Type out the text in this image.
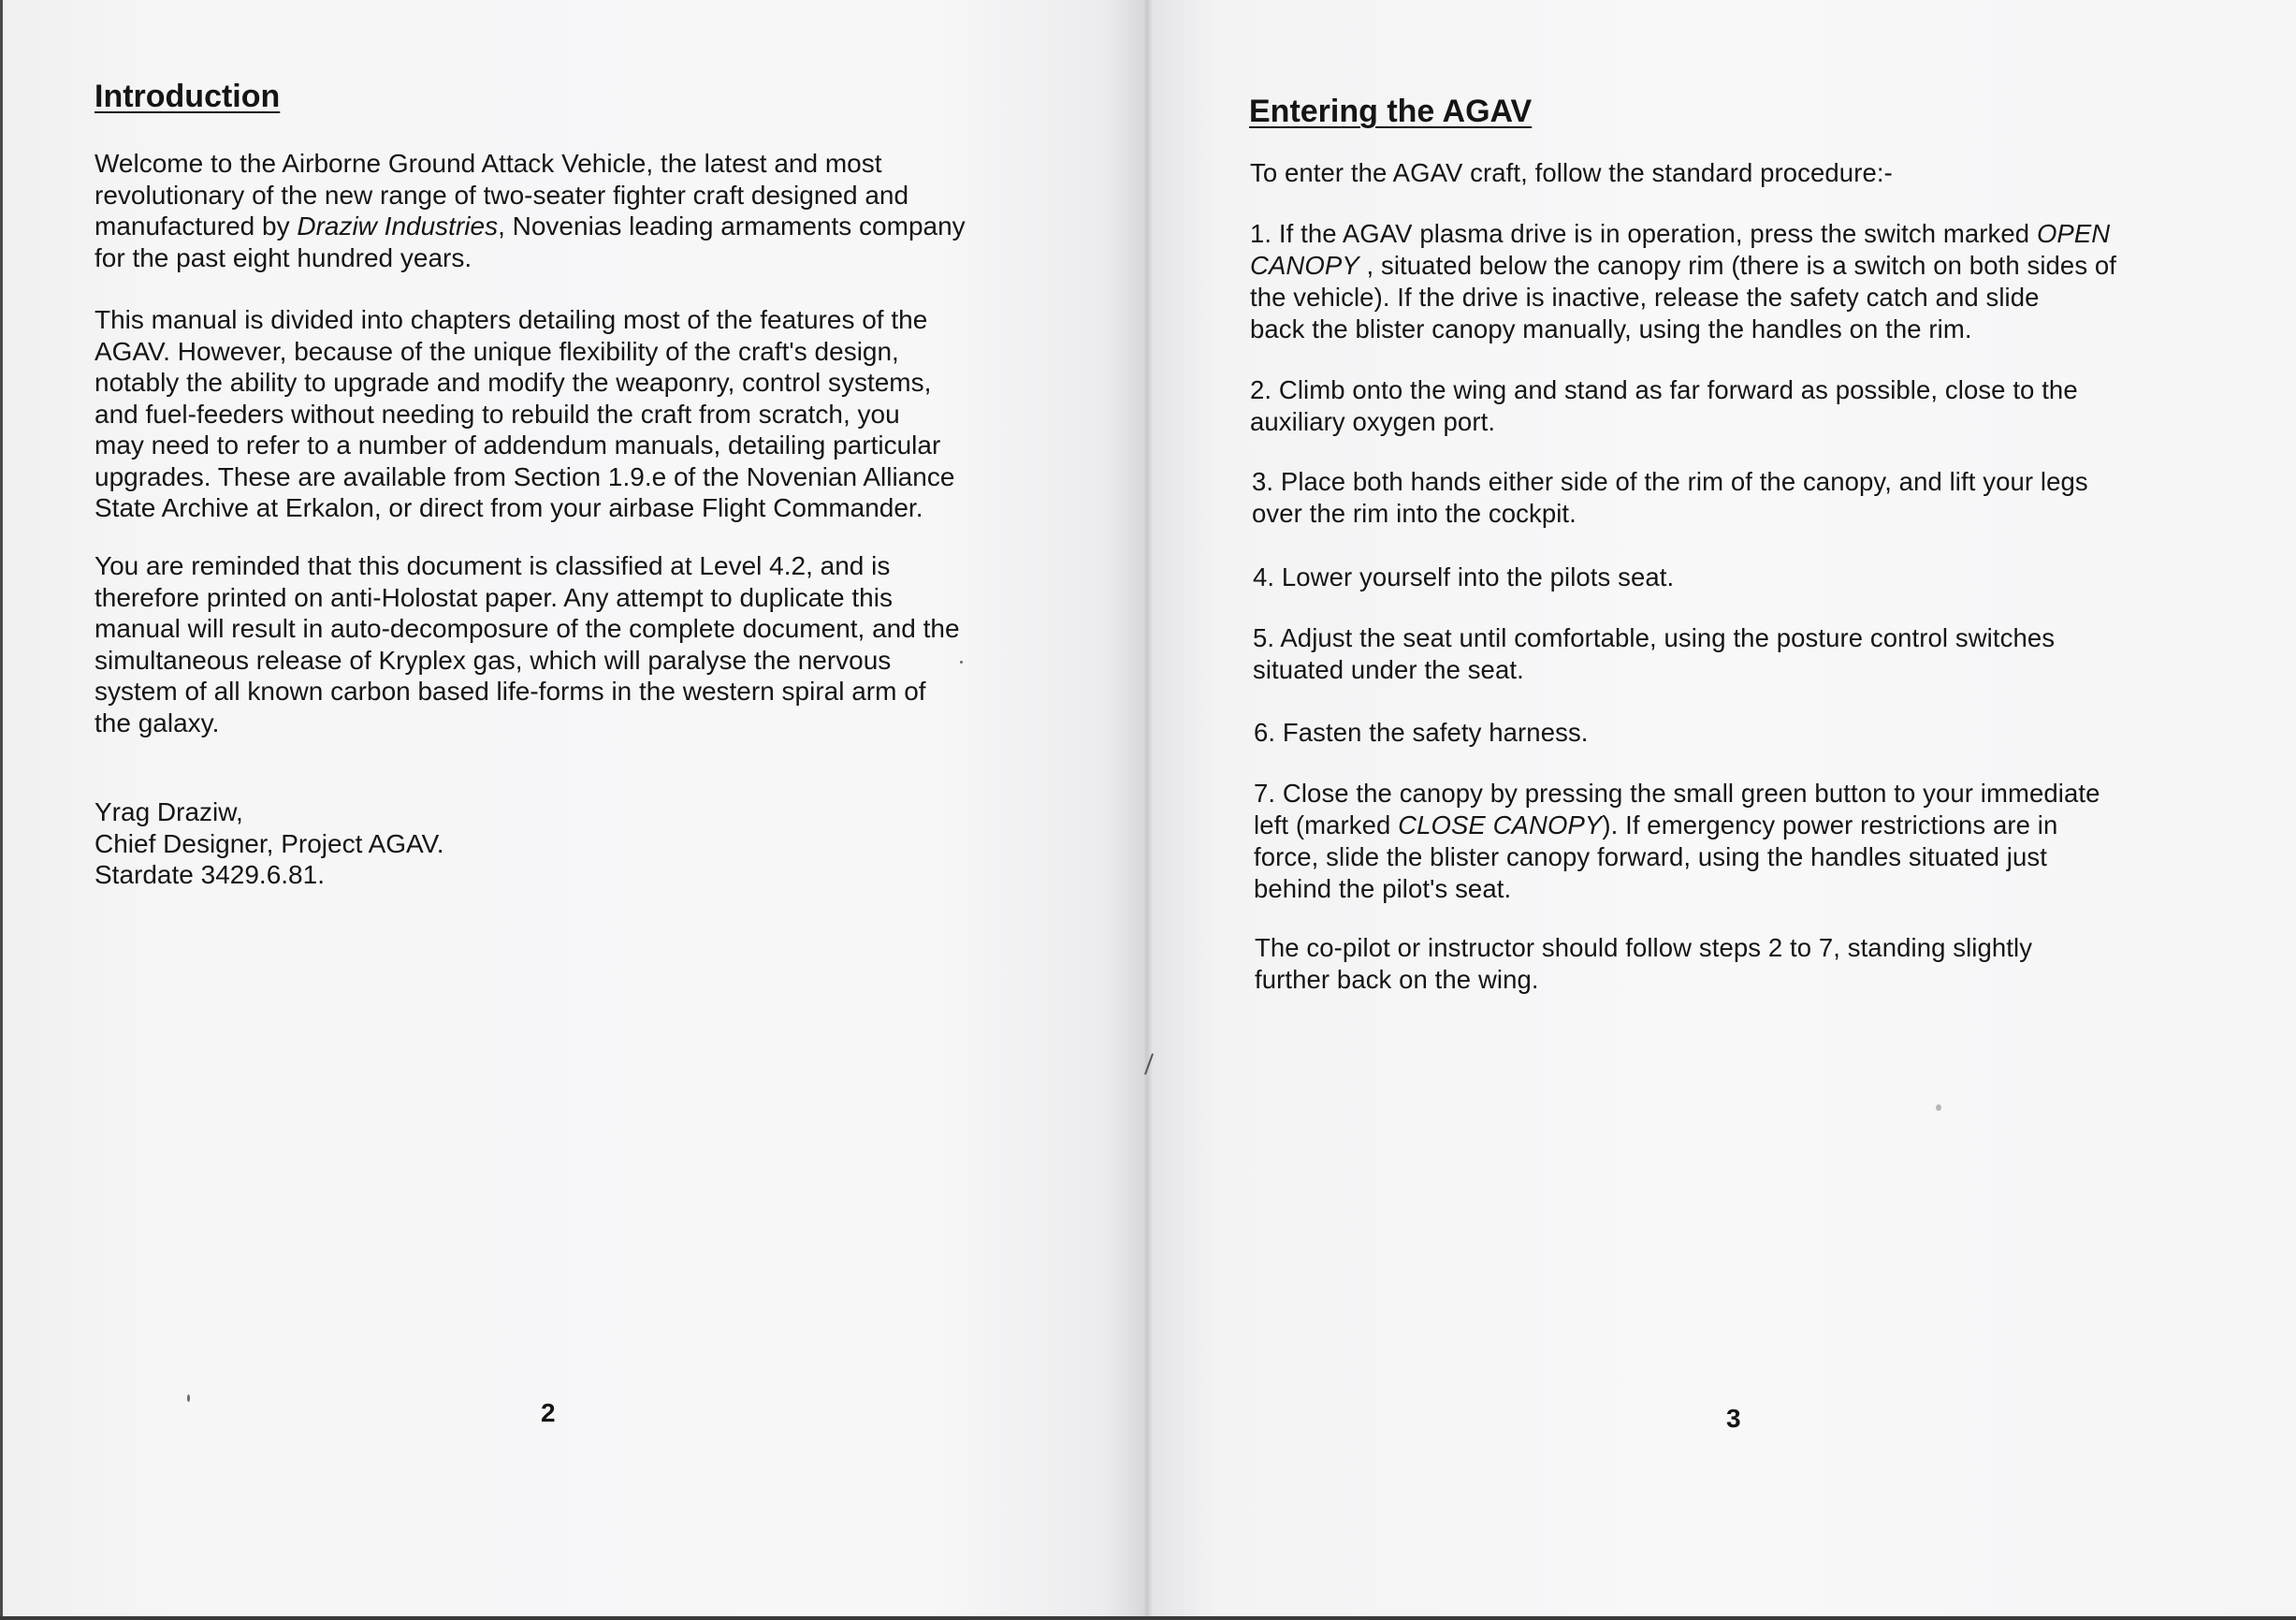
Introduction
Welcome to the Airborne Ground Attack Vehicle, the latest and most
revolutionary of the new range of two-seater fighter craft designed and
manufactured by Draziw Industries, Novenias leading armaments company
for the past eight hundred years.
This manual is divided into chapters detailing most of the features of the
AGAV. However, because of the unique flexibility of the craft's design,
notably the ability to upgrade and modify the weaponry, control systems,
and fuel-feeders without needing to rebuild the craft from scratch, you
may need to refer to a number of addendum manuals, detailing particular
upgrades. These are available from Section 1.9.e of the Novenian Alliance
State Archive at Erkalon, or direct from your airbase Flight Commander.
You are reminded that this document is classified at Level 4.2, and is
therefore printed on anti-Holostat paper. Any attempt to duplicate this
manual will result in auto-decomposure of the complete document, and the
simultaneous release of Kryplex gas, which will paralyse the nervous
system of all known carbon based life-forms in the western spiral arm of
the galaxy.
Yrag Draziw,
Chief Designer, Project AGAV.
Stardate 3429.6.81.
2
Entering the AGAV

To enter the AGAV craft, follow the standard procedure:-

1. If the AGAV plasma drive is in operation, press the switch marked OPEN
CANOPY , situated below the canopy rim (there is a switch on both sides of
the vehicle). If the drive is inactive, release the safety catch and slide
back the blister canopy manually, using the handles on the rim.
2. Climb onto the wing and stand as far forward as possible, close to the
auxiliary oxygen port.
3. Place both hands either side of the rim of the canopy, and lift your legs
over the rim into the cockpit.

4. Lower yourself into the pilots seat.

5. Adjust the seat until comfortable, using the posture control switches
situated under the seat.

6. Fasten the safety harness.

7. Close the canopy by pressing the small green button to your immediate
left (marked CLOSE CANOPY). If emergency power restrictions are in
force, slide the blister canopy forward, using the handles situated just
behind the pilot's seat.
The co-pilot or instructor should follow steps 2 to 7, standing slightly
further back on the wing.
3
